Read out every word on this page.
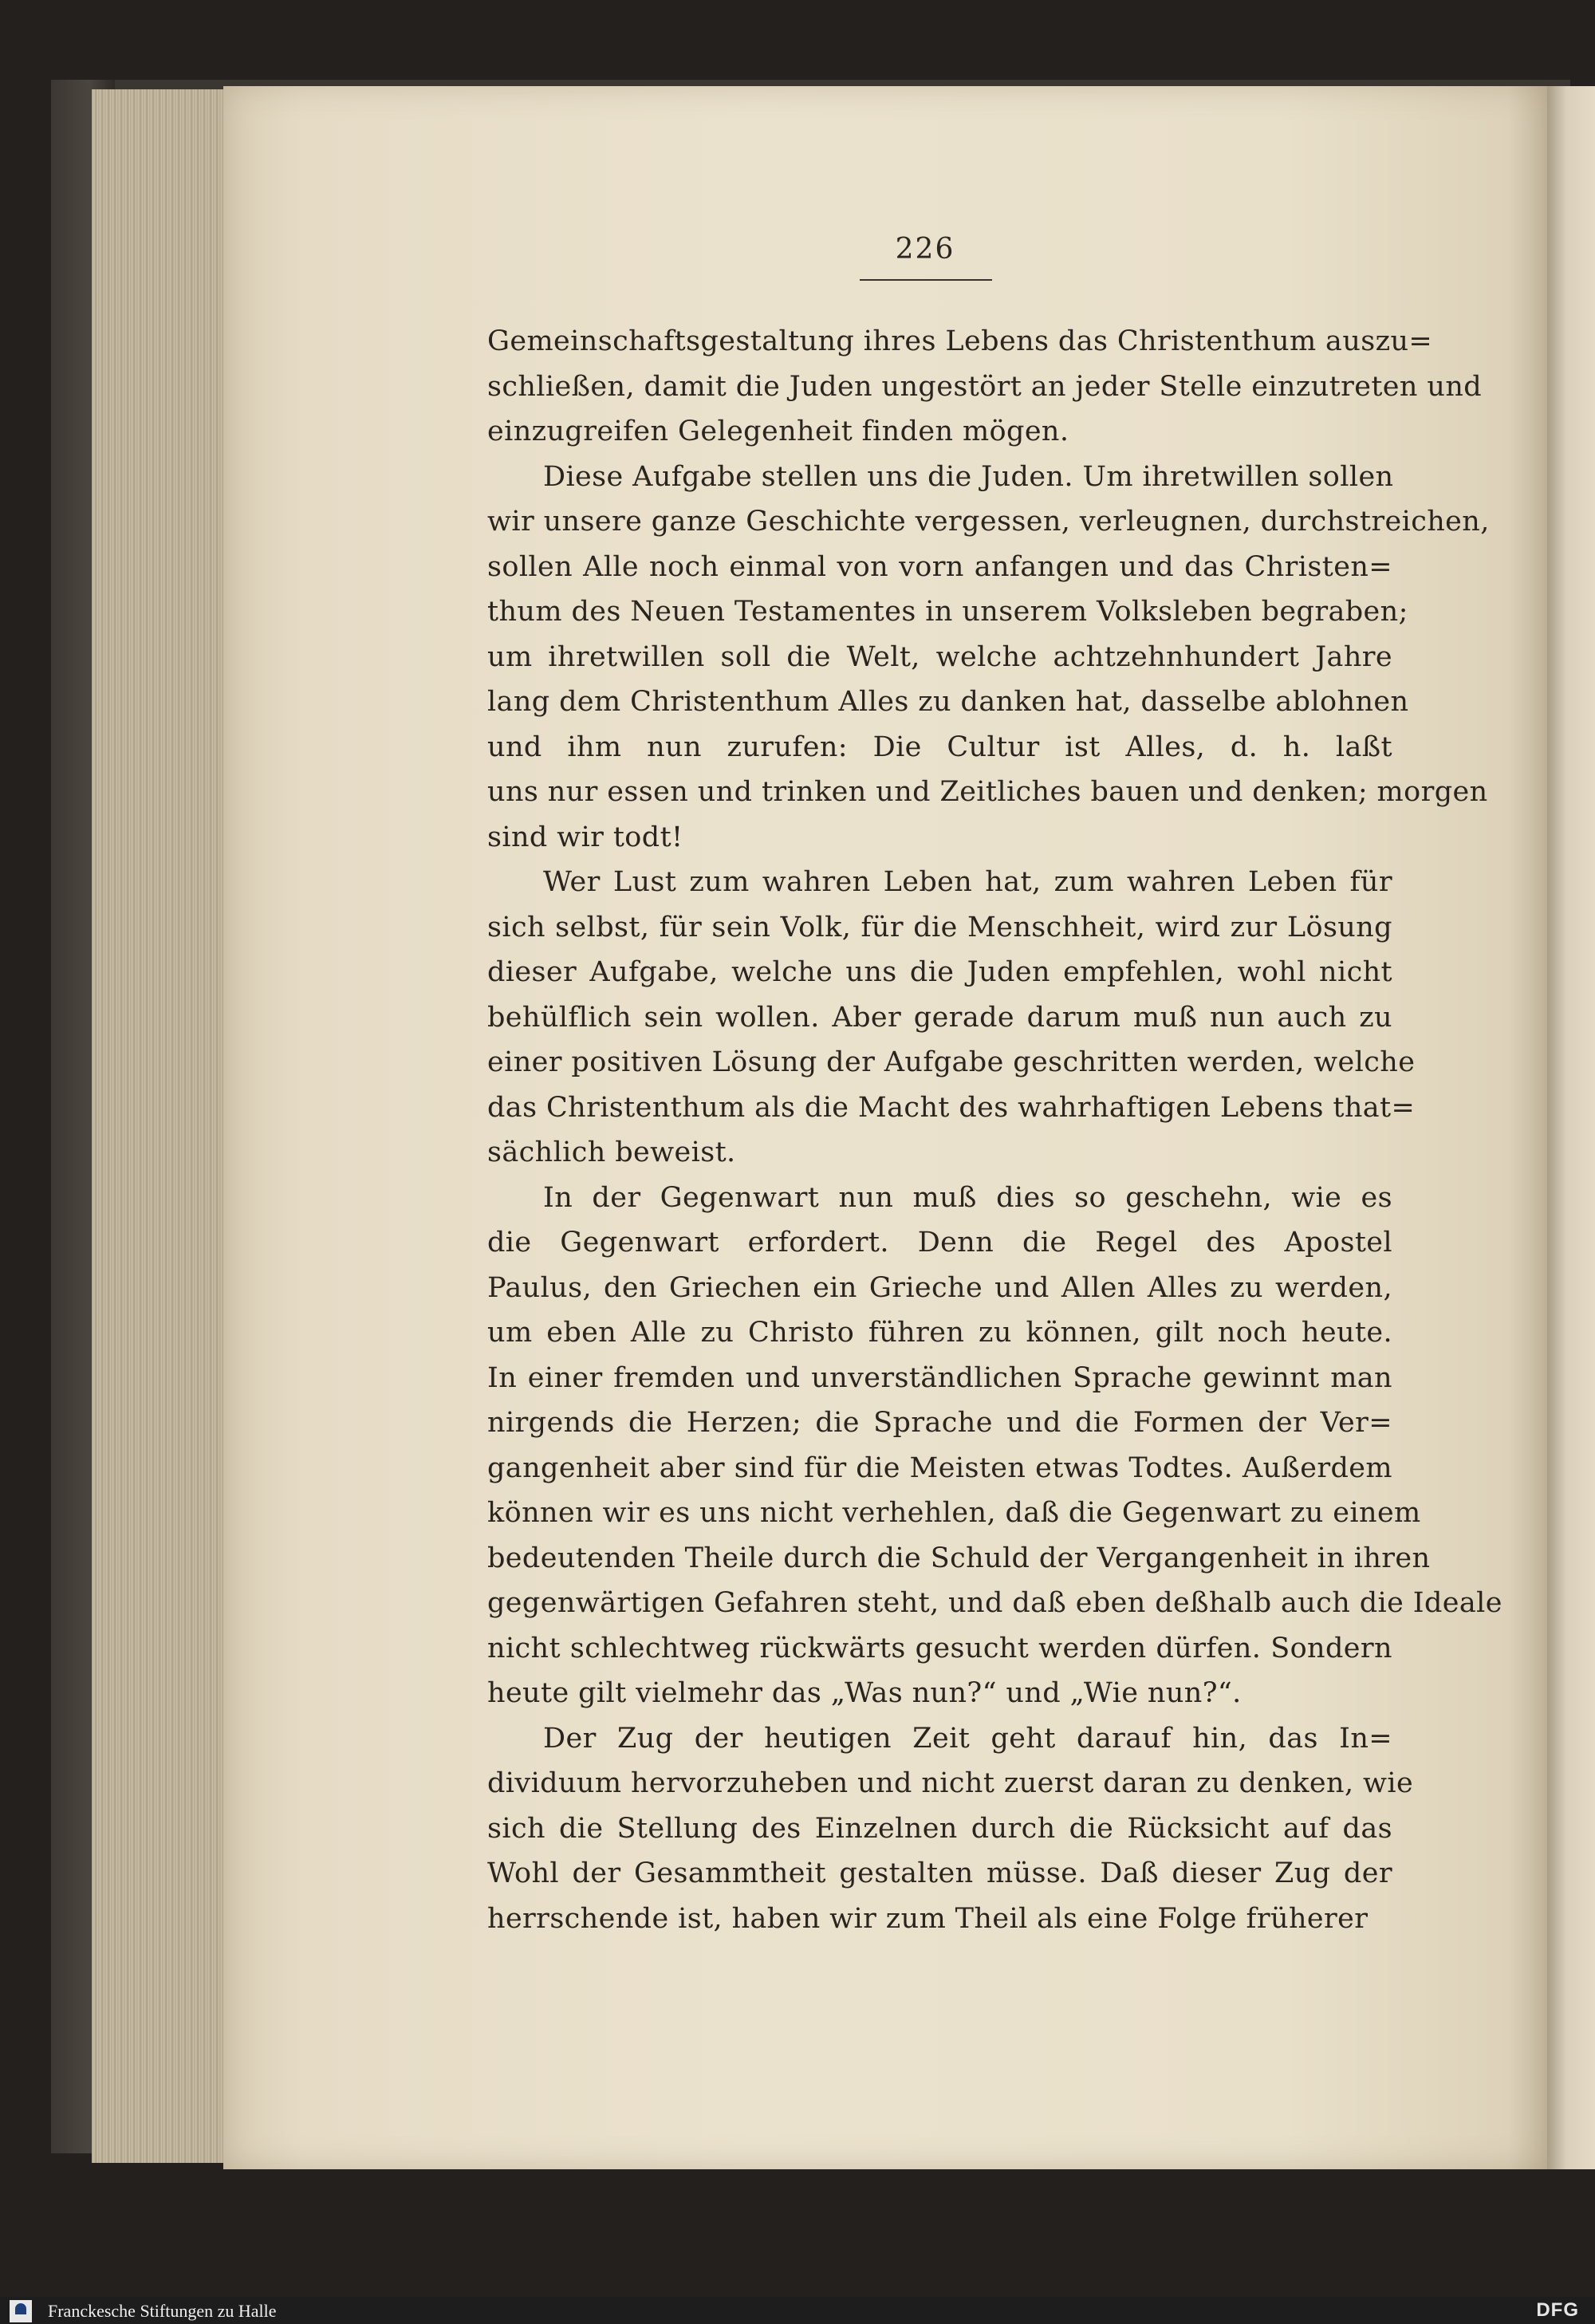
226
Gemeinschaftsgestaltung ihres Lebens das Christenthum auszu=
schließen, damit die Juden ungestört an jeder Stelle einzutreten und
einzugreifen Gelegenheit finden mögen.
Diese Aufgabe stellen uns die Juden. Um ihretwillen sollen
wir unsere ganze Geschichte vergessen, verleugnen, durchstreichen,
sollen Alle noch einmal von vorn anfangen und das Christen=
thum des Neuen Testamentes in unserem Volksleben begraben;
um ihretwillen soll die Welt, welche achtzehnhundert Jahre
lang dem Christenthum Alles zu danken hat, dasselbe ablohnen
und ihm nun zurufen: Die Cultur ist Alles, d. h. laßt
uns nur essen und trinken und Zeitliches bauen und denken; morgen
sind wir todt!
Wer Lust zum wahren Leben hat, zum wahren Leben für
sich selbst, für sein Volk, für die Menschheit, wird zur Lösung
dieser Aufgabe, welche uns die Juden empfehlen, wohl nicht
behülflich sein wollen. Aber gerade darum muß nun auch zu
einer positiven Lösung der Aufgabe geschritten werden, welche
das Christenthum als die Macht des wahrhaftigen Lebens that=
sächlich beweist.
In der Gegenwart nun muß dies so geschehn, wie es
die Gegenwart erfordert. Denn die Regel des Apostel
Paulus, den Griechen ein Grieche und Allen Alles zu werden,
um eben Alle zu Christo führen zu können, gilt noch heute.
In einer fremden und unverständlichen Sprache gewinnt man
nirgends die Herzen; die Sprache und die Formen der Ver=
gangenheit aber sind für die Meisten etwas Todtes. Außerdem
können wir es uns nicht verhehlen, daß die Gegenwart zu einem
bedeutenden Theile durch die Schuld der Vergangenheit in ihren
gegenwärtigen Gefahren steht, und daß eben deßhalb auch die Ideale
nicht schlechtweg rückwärts gesucht werden dürfen. Sondern
heute gilt vielmehr das „Was nun?“ und „Wie nun?“.
Der Zug der heutigen Zeit geht darauf hin, das In=
dividuum hervorzuheben und nicht zuerst daran zu denken, wie
sich die Stellung des Einzelnen durch die Rücksicht auf das
Wohl der Gesammtheit gestalten müsse. Daß dieser Zug der
herrschende ist, haben wir zum Theil als eine Folge früherer
Franckesche Stiftungen zu Halle	DFG
